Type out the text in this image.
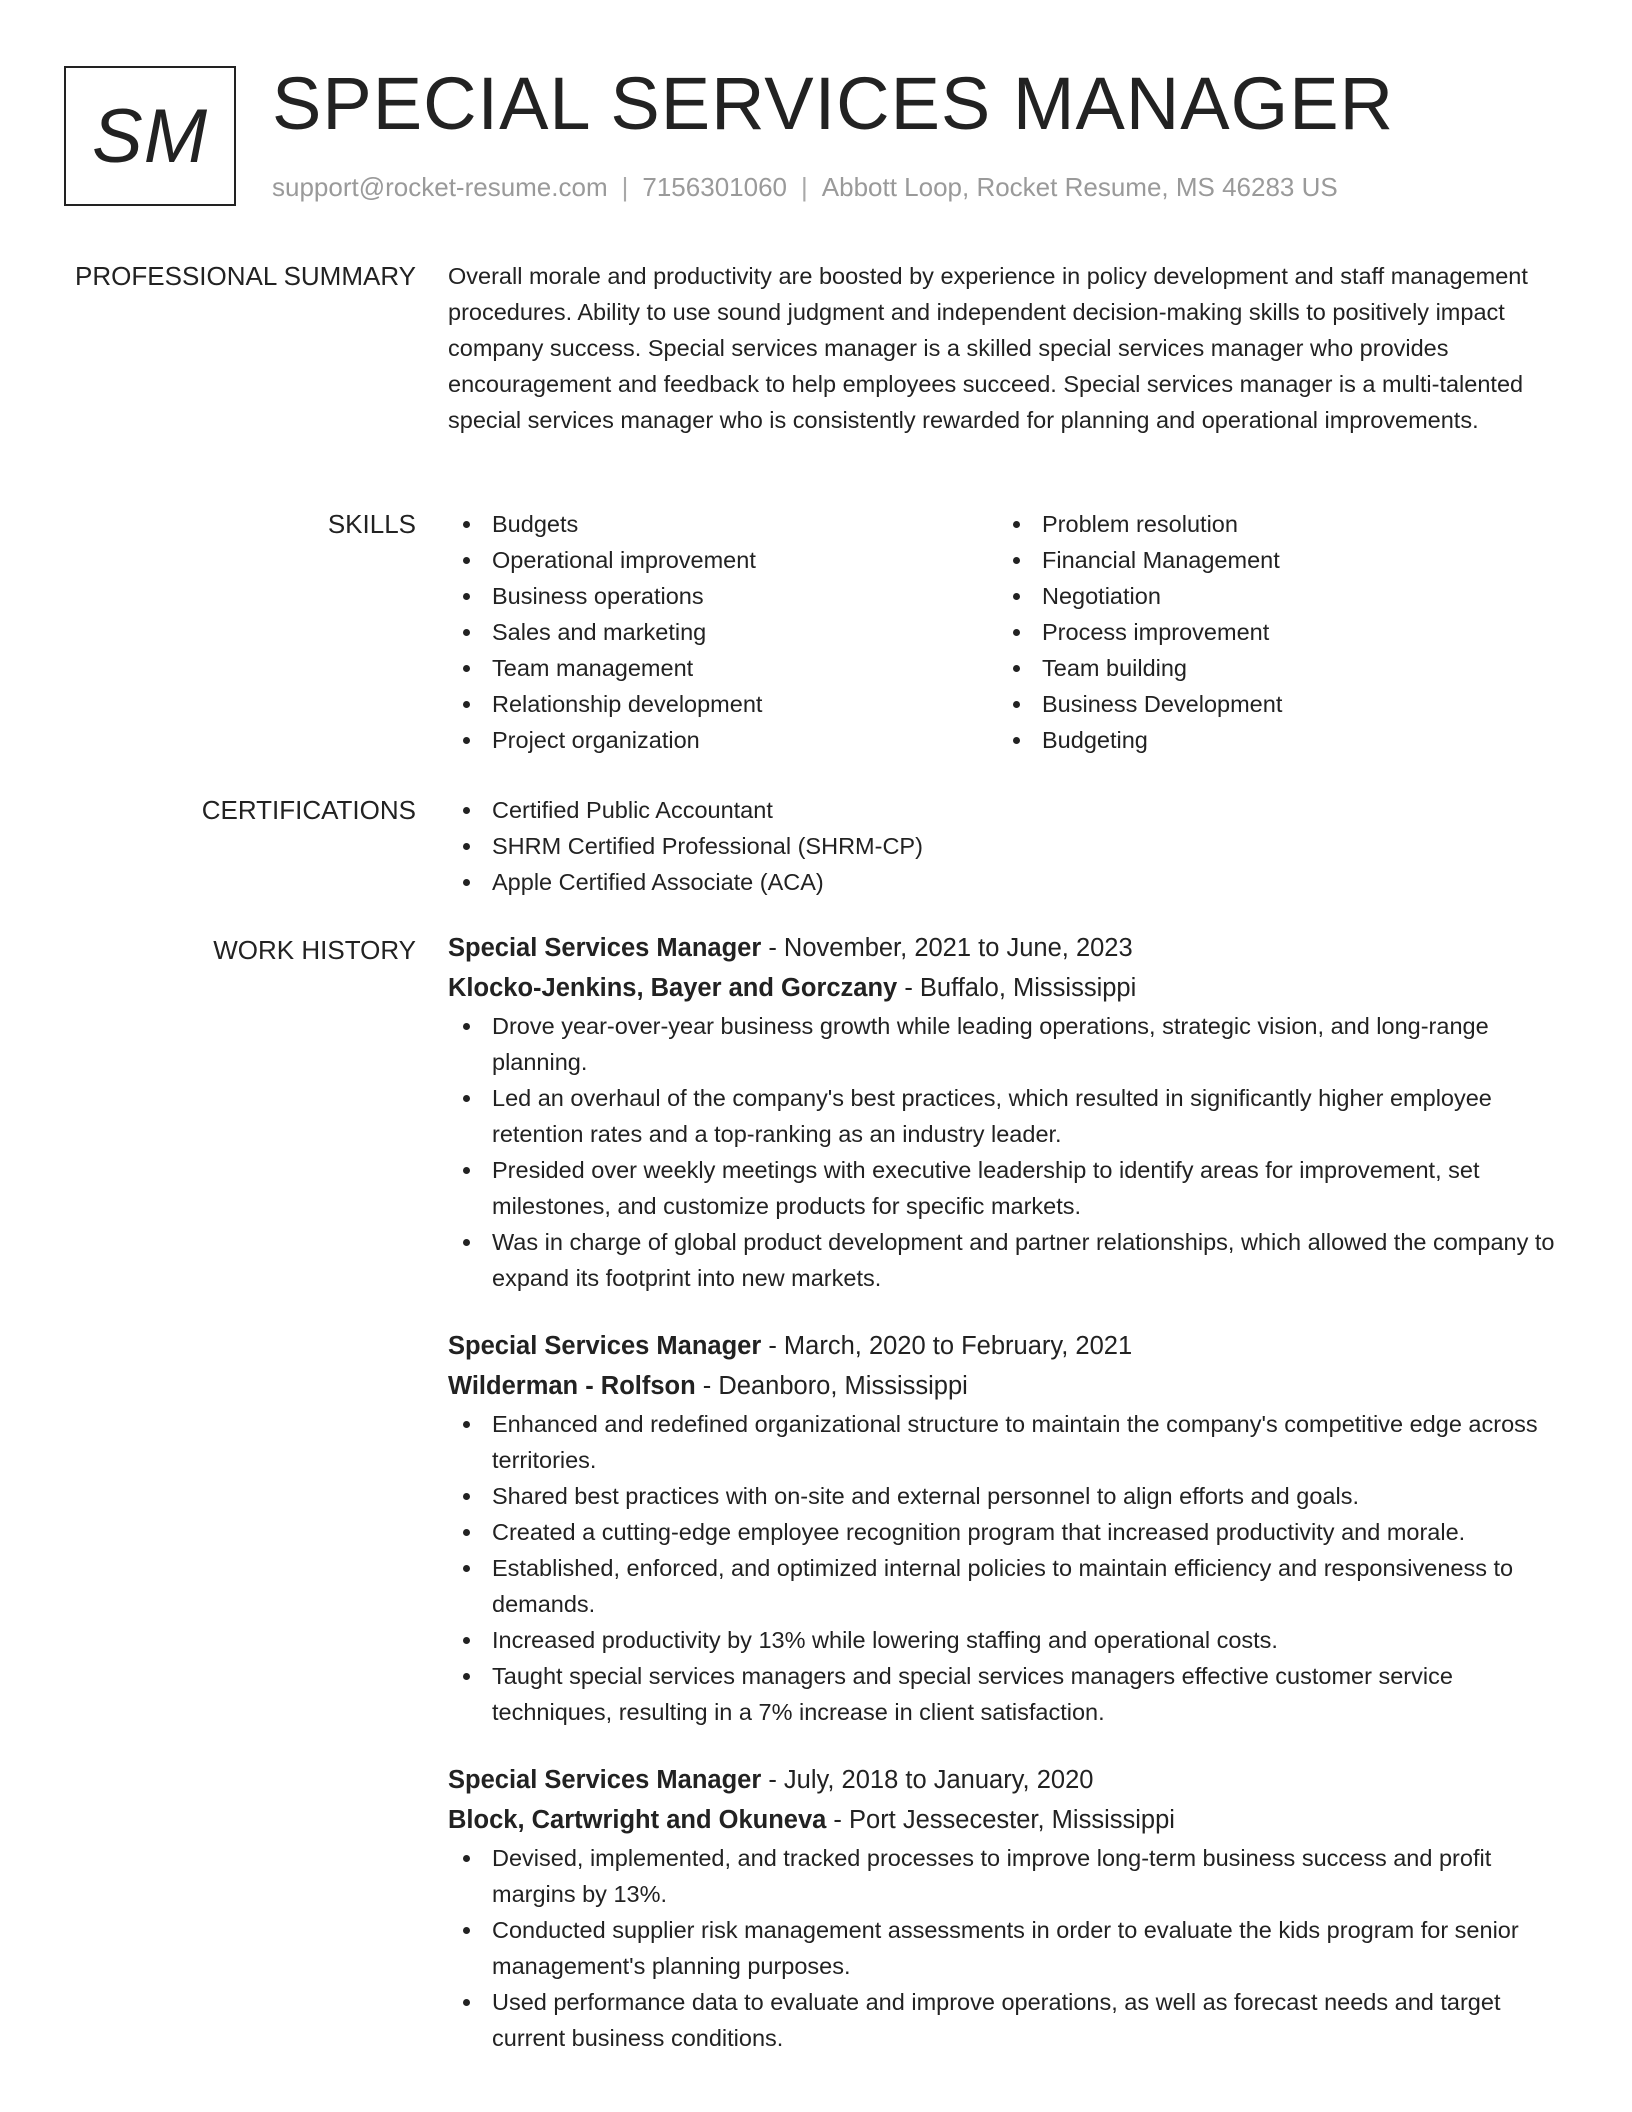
SM SPECIAL SERVICES MANAGER
support@rocket-resume.com | 7156301060 | Abbott Loop, Rocket Resume, MS 46283 US
PROFESSIONAL SUMMARY Overall morale and productivity are boosted by experience in policy development and staff management procedures. Ability to use sound judgment and independent decision-making skills to positively impact company success. Special services manager is a skilled special services manager who provides encouragement and feedback to help employees succeed. Special services manager is a multi-talented special services manager who is consistently rewarded for planning and operational improvements.
SKILLS	Budgets
Operational improvement
Business operations
Sales and marketing
Team management
Relationship development
Project organization
Problem resolution
Financial Management
Negotiation
Process improvement
Team building
Business Development
Budgeting
CERTIFICATIONS	Certified Public Accountant
SHRM Certified Professional (SHRM-CP)
Apple Certified Associate (ACA)
WORK HISTORY Special Services Manager - November, 2021 to June, 2023
Klocko-Jenkins, Bayer and Gorczany - Buffalo, Mississippi
Drove year-over-year business growth while leading operations, strategic vision, and long-range planning.
Led an overhaul of the company's best practices, which resulted in significantly higher employee retention rates and a top-ranking as an industry leader.
Presided over weekly meetings with executive leadership to identify areas for improvement, set milestones, and customize products for specific markets.
Was in charge of global product development and partner relationships, which allowed the company to expand its footprint into new markets.
Special Services Manager - March, 2020 to February, 2021
Wilderman - Rolfson - Deanboro, Mississippi
Enhanced and redefined organizational structure to maintain the company's competitive edge across territories.
Shared best practices with on-site and external personnel to align efforts and goals.
Created a cutting-edge employee recognition program that increased productivity and morale.
Established, enforced, and optimized internal policies to maintain efficiency and responsiveness to demands.
Increased productivity by 13% while lowering staffing and operational costs.
Taught special services managers and special services managers effective customer service techniques, resulting in a 7% increase in client satisfaction.
Special Services Manager - July, 2018 to January, 2020
Block, Cartwright and Okuneva - Port Jessecester, Mississippi
Devised, implemented, and tracked processes to improve long-term business success and profit margins by 13%.
Conducted supplier risk management assessments in order to evaluate the kids program for senior management's planning purposes.
Used performance data to evaluate and improve operations, as well as forecast needs and target current business conditions.
